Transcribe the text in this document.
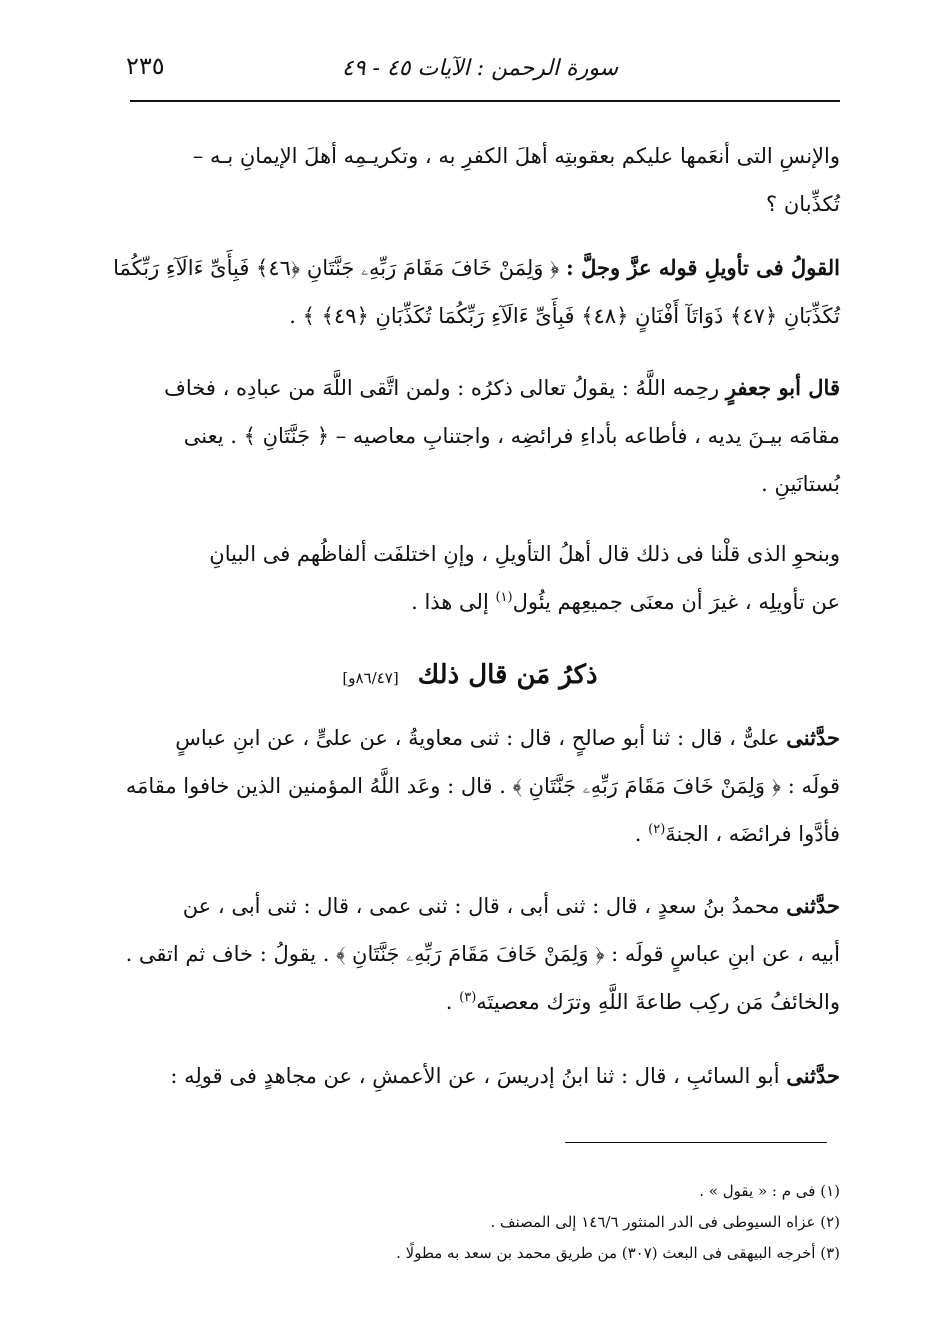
سورة الرحمن : الآيات ٤٥ - ٤٩
٢٣٥
والإنسِ التى أنعَمها عليكم بعقوبتِه أهلَ الكفرِ به ، وتكريـمِه أهلَ الإيمانِ بـه –
تُكذِّبان ؟
القولُ فى تأويلِ قوله عزَّ وجلَّ : ﴿ وَلِمَنْ خَافَ مَقَامَ رَبِّهِۦ جَنَّتَانِ ﴿٤٦﴾ فَبِأَىِّ ءَالَآءِ رَبِّكُمَا
تُكَذِّبَانِ ﴿٤٧﴾ ذَوَاتَآ أَفْنَانٍ ﴿٤٨﴾ فَبِأَىِّ ءَالَآءِ رَبِّكُمَا تُكَذِّبَانِ ﴿٤٩﴾ ﴾ .
قال أبو جعفرٍ رحِمه اللَّهُ : يقولُ تعالى ذكرُه : ولمن اتَّقى اللَّهَ من عبادِه ، فخاف
مقامَه بيـنَ يديه ، فأطاعه بأداءِ فرائضِه ، واجتنابِ معاصيه – ﴿ جَنَّتَانِ ﴾ . يعنى
بُستانَينِ .
وبنحوِ الذى قلْنا فى ذلك قال أهلُ التأويلِ ، وإنِ اختلفَت ألفاظُهم فى البيانِ
عن تأويلِه ، غيرَ أن معنَى جميعِهم يئُول$^{(١)}$ إلى هذا .
ذكرُ مَن قال ذلك [٨٦/٤٧و]
حدَّثنى علىٌّ ، قال : ثنا أبو صالحٍ ، قال : ثنى معاويةُ ، عن علىٍّ ، عن ابنِ عباسٍ
قولَه : ﴿ وَلِمَنْ خَافَ مَقَامَ رَبِّهِۦ جَنَّتَانِ ﴾ . قال : وعَد اللَّهُ المؤمنين الذين خافوا مقامَه
فأدَّوا فرائضَه ، الجنةَ$^{(٢)}$ .
حدَّثنى محمدُ بنُ سعدٍ ، قال : ثنى أبى ، قال : ثنى عمى ، قال : ثنى أبى ، عن
أبيه ، عن ابنِ عباسٍ قولَه : ﴿ وَلِمَنْ خَافَ مَقَامَ رَبِّهِۦ جَنَّتَانِ ﴾ . يقولُ : خاف ثم اتقى .
والخائفُ مَن ركِب طاعةَ اللَّهِ وترَك معصيتَه$^{(٣)}$ .
حدَّثنى أبو السائبِ ، قال : ثنا ابنُ إدريسَ ، عن الأعمشِ ، عن مجاهدٍ فى قولِه :
(١) فى م : « يقول » .
(٢) عزاه السيوطى فى الدر المنثور ١٤٦/٦ إلى المصنف .
(٣) أخرجه البيهقى فى البعث (٣٠٧) من طريق محمد بن سعد به مطولًا .
